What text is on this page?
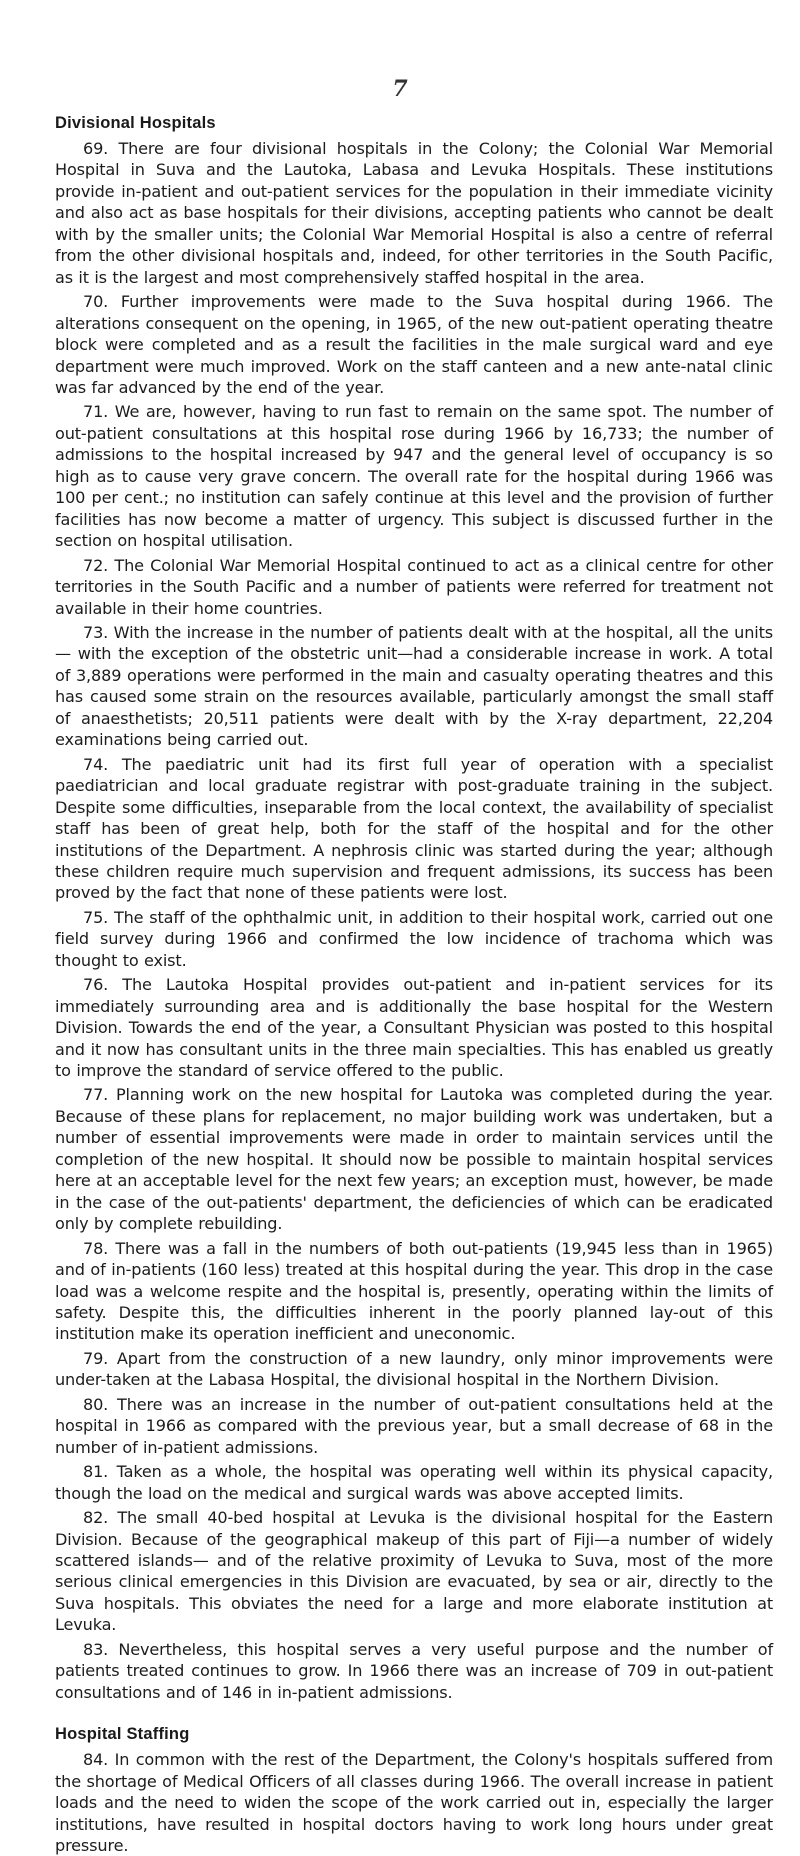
7
Divisional Hospitals

69. There are four divisional hospitals in the Colony; the Colonial War Memorial Hospital in Suva and the Lautoka, Labasa and Levuka Hospitals. These institutions provide in-patient and out-patient services for the population in their immediate vicinity and also act as base hospitals for their divisions, accepting patients who cannot be dealt with by the smaller units; the Colonial War Memorial Hospital is also a centre of referral from the other divisional hospitals and, indeed, for other territories in the South Pacific, as it is the largest and most comprehensively staffed hospital in the area.

70. Further improvements were made to the Suva hospital during 1966. The alterations consequent on the opening, in 1965, of the new out-patient operating theatre block were completed and as a result the facilities in the male surgical ward and eye department were much improved. Work on the staff canteen and a new ante-natal clinic was far advanced by the end of the year.

71. We are, however, having to run fast to remain on the same spot. The number of out-patient consultations at this hospital rose during 1966 by 16,733; the number of admissions to the hospital increased by 947 and the general level of occupancy is so high as to cause very grave concern. The overall rate for the hospital during 1966 was 100 per cent.; no institution can safely continue at this level and the provision of further facilities has now become a matter of urgency. This subject is discussed further in the section on hospital utilisation.

72. The Colonial War Memorial Hospital continued to act as a clinical centre for other territories in the South Pacific and a number of patients were referred for treatment not available in their home countries.

73. With the increase in the number of patients dealt with at the hospital, all the units— with the exception of the obstetric unit—had a considerable increase in work. A total of 3,889 operations were performed in the main and casualty operating theatres and this has caused some strain on the resources available, particularly amongst the small staff of anaesthetists; 20,511 patients were dealt with by the X-ray department, 22,204 examinations being carried out.

74. The paediatric unit had its first full year of operation with a specialist paediatrician and local graduate registrar with post-graduate training in the subject. Despite some difficulties, inseparable from the local context, the availability of specialist staff has been of great help, both for the staff of the hospital and for the other institutions of the Department. A nephrosis clinic was started during the year; although these children require much supervision and frequent admissions, its success has been proved by the fact that none of these patients were lost.

75. The staff of the ophthalmic unit, in addition to their hospital work, carried out one field survey during 1966 and confirmed the low incidence of trachoma which was thought to exist.

76. The Lautoka Hospital provides out-patient and in-patient services for its immediately surrounding area and is additionally the base hospital for the Western Division. Towards the end of the year, a Consultant Physician was posted to this hospital and it now has consultant units in the three main specialties. This has enabled us greatly to improve the standard of service offered to the public.

77. Planning work on the new hospital for Lautoka was completed during the year. Because of these plans for replacement, no major building work was undertaken, but a number of essential improvements were made in order to maintain services until the completion of the new hospital. It should now be possible to maintain hospital services here at an acceptable level for the next few years; an exception must, however, be made in the case of the out-patients' department, the deficiencies of which can be eradicated only by complete rebuilding.

78. There was a fall in the numbers of both out-patients (19,945 less than in 1965) and of in-patients (160 less) treated at this hospital during the year. This drop in the case load was a welcome respite and the hospital is, presently, operating within the limits of safety. Despite this, the difficulties inherent in the poorly planned lay-out of this institution make its operation inefficient and uneconomic.

79. Apart from the construction of a new laundry, only minor improvements were under-taken at the Labasa Hospital, the divisional hospital in the Northern Division.

80. There was an increase in the number of out-patient consultations held at the hospital in 1966 as compared with the previous year, but a small decrease of 68 in the number of in-patient admissions.

81. Taken as a whole, the hospital was operating well within its physical capacity, though the load on the medical and surgical wards was above accepted limits.

82. The small 40-bed hospital at Levuka is the divisional hospital for the Eastern Division. Because of the geographical makeup of this part of Fiji—a number of widely scattered islands— and of the relative proximity of Levuka to Suva, most of the more serious clinical emergencies in this Division are evacuated, by sea or air, directly to the Suva hospitals. This obviates the need for a large and more elaborate institution at Levuka.

83. Nevertheless, this hospital serves a very useful purpose and the number of patients treated continues to grow. In 1966 there was an increase of 709 in out-patient consultations and of 146 in in-patient admissions.

Hospital Staffing

84. In common with the rest of the Department, the Colony's hospitals suffered from the shortage of Medical Officers of all classes during 1966. The overall increase in patient loads and the need to widen the scope of the work carried out in, especially the larger institutions, have resulted in hospital doctors having to work long hours under great pressure.
